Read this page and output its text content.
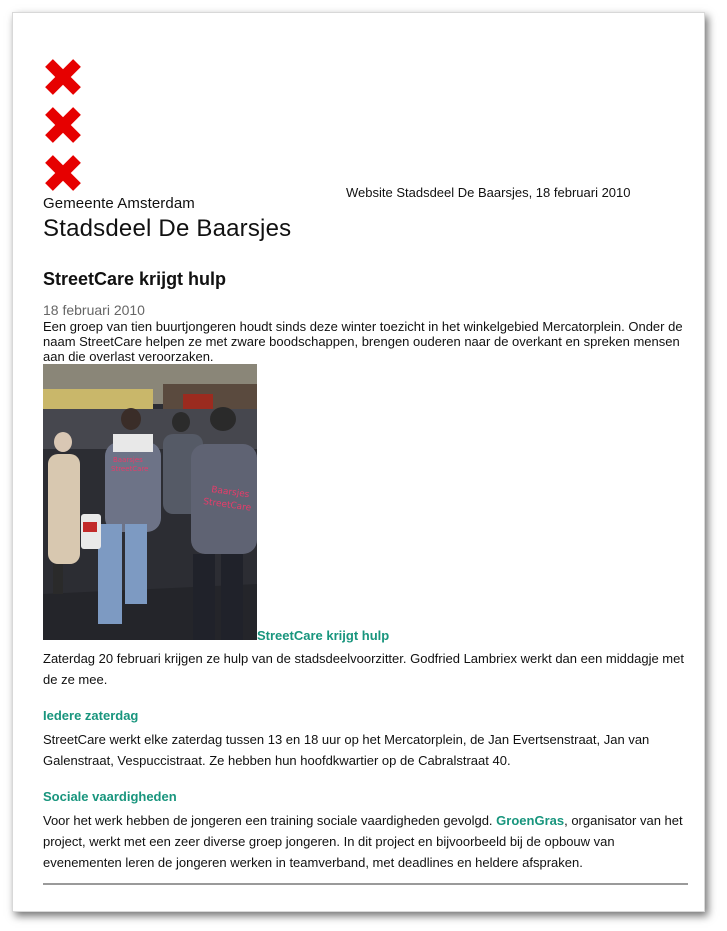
Gemeente Amsterdam
Stadsdeel De Baarsjes
Website Stadsdeel De Baarsjes, 18 februari 2010
StreetCare krijgt hulp
18 februari 2010
Een groep van tien buurtjongeren houdt sinds deze winter toezicht in het winkelgebied Mercatorplein. Onder de naam StreetCare helpen ze met zware boodschappen, brengen ouderen naar de overkant en spreken mensen aan die overlast veroorzaken.
Baarsjes
StreetCare
Baarsjes
StreetCare
StreetCare krijgt hulp

Zaterdag 20 februari krijgen ze hulp van de stadsdeelvoorzitter. Godfried Lambriex werkt dan een middagje met de ze mee.

Iedere zaterdag

StreetCare werkt elke zaterdag tussen 13 en 18 uur op het Mercatorplein, de Jan Evertsenstraat, Jan van Galenstraat, Vespuccistraat. Ze hebben hun hoofdkwartier op de Cabralstraat 40.

Sociale vaardigheden

Voor het werk hebben de jongeren een training sociale vaardigheden gevolgd. GroenGras, organisator van het project, werkt met een zeer diverse groep jongeren. In dit project en bijvoorbeeld bij de opbouw van evenementen leren de jongeren werken in teamverband, met deadlines en heldere afspraken.
